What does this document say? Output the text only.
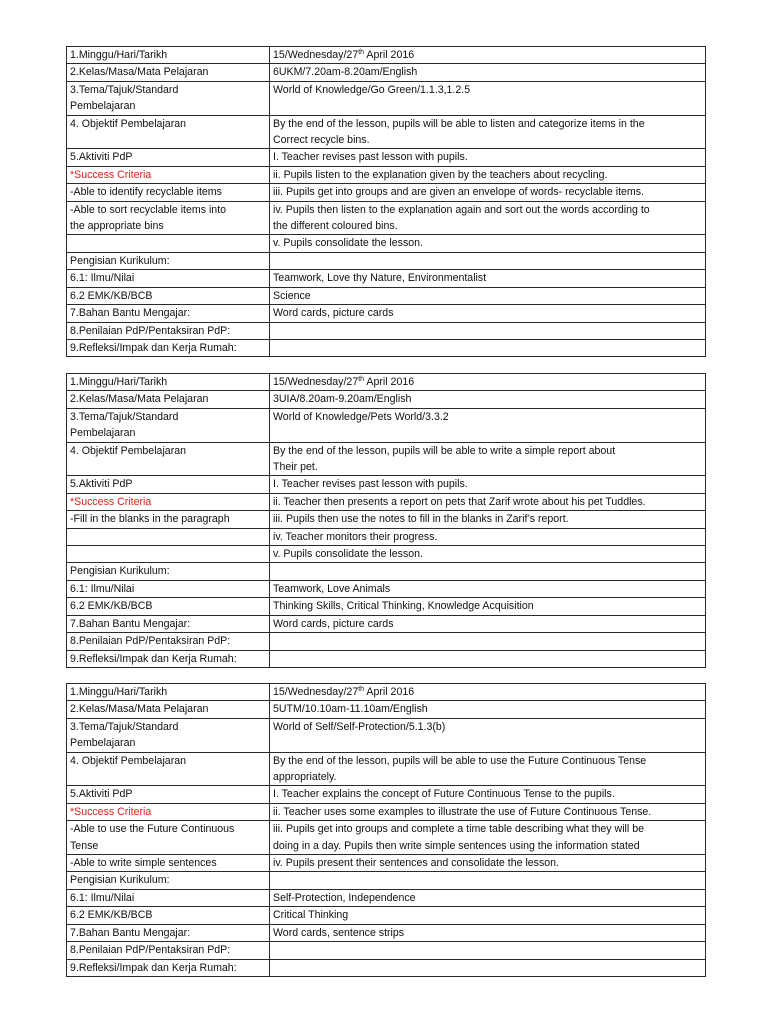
1.Minggu/Hari/Tarikh	15/Wednesday/27th April 2016
2.Kelas/Masa/Mata Pelajaran	6UKM/7.20am-8.20am/English

3.Tema/Tajuk/Standard
Pembelajaran	World of Knowledge/Go Green/1.1.3,1.2.5
4. Objektif Pembelajaran	By the end of the lesson, pupils will be able to listen and categorize items in the
Correct recycle bins.

5.Aktiviti PdP	I. Teacher revises past lesson with pupils.
*Success Criteria	ii. Pupils listen to the explanation given by the teachers about recycling.
-Able to identify recyclable items	iii. Pupils get into groups and are given an envelope of words- recyclable items.

-Able to sort recyclable items into
the appropriate bins	iv. Pupils then listen to the explanation again and sort out the words according to
the different coloured bins.

	v. Pupils consolidate the lesson.
Pengisian Kurikulum:	
6.1: Ilmu/Nilai	Teamwork, Love thy Nature, Environmentalist
6.2 EMK/KB/BCB	Science
7.Bahan Bantu Mengajar:	Word cards, picture cards
8.Penilaian PdP/Pentaksiran PdP:	
9.Refleksi/Impak dan Kerja Rumah:	
1.Minggu/Hari/Tarikh	15/Wednesday/27th April 2016
2.Kelas/Masa/Mata Pelajaran	3UIA/8.20am-9.20am/English

3.Tema/Tajuk/Standard
Pembelajaran	World of Knowledge/Pets World/3.3.2
4. Objektif Pembelajaran	By the end of the lesson, pupils will be able to write a simple report about
Their pet.

5.Aktiviti PdP	I. Teacher revises past lesson with pupils.
*Success Criteria	ii. Teacher then presents a report on pets that Zarif wrote about his pet Tuddles.
-Fill in the blanks in the paragraph	iii. Pupils then use the notes to fill in the blanks in Zarif’s report.
	iv. Teacher monitors their progress.
	v. Pupils consolidate the lesson.
Pengisian Kurikulum:	
6.1: Ilmu/Nilai	Teamwork, Love Animals
6.2 EMK/KB/BCB	Thinking Skills, Critical Thinking, Knowledge Acquisition
7.Bahan Bantu Mengajar:	Word cards, picture cards
8.Penilaian PdP/Pentaksiran PdP:	
9.Refleksi/Impak dan Kerja Rumah:	
1.Minggu/Hari/Tarikh	15/Wednesday/27th April 2016
2.Kelas/Masa/Mata Pelajaran	5UTM/10.10am-11.10am/English

3.Tema/Tajuk/Standard
Pembelajaran	World of Self/Self-Protection/5.1.3(b)
4. Objektif Pembelajaran	By the end of the lesson, pupils will be able to use the Future Continuous Tense
appropriately.

5.Aktiviti PdP	I. Teacher explains the concept of Future Continuous Tense to the pupils.
*Success Criteria	ii. Teacher uses some examples to illustrate the use of Future Continuous Tense.

-Able to use the Future Continuous
Tense	iii. Pupils get into groups and complete a time table describing what they will be
doing in a day. Pupils then write simple sentences using the information stated

-Able to write simple sentences	iv. Pupils present their sentences and consolidate the lesson.
Pengisian Kurikulum:	
6.1: Ilmu/Nilai	Self-Protection, Independence
6.2 EMK/KB/BCB	Critical Thinking
7.Bahan Bantu Mengajar:	Word cards, sentence strips
8.Penilaian PdP/Pentaksiran PdP:	
9.Refleksi/Impak dan Kerja Rumah:	
